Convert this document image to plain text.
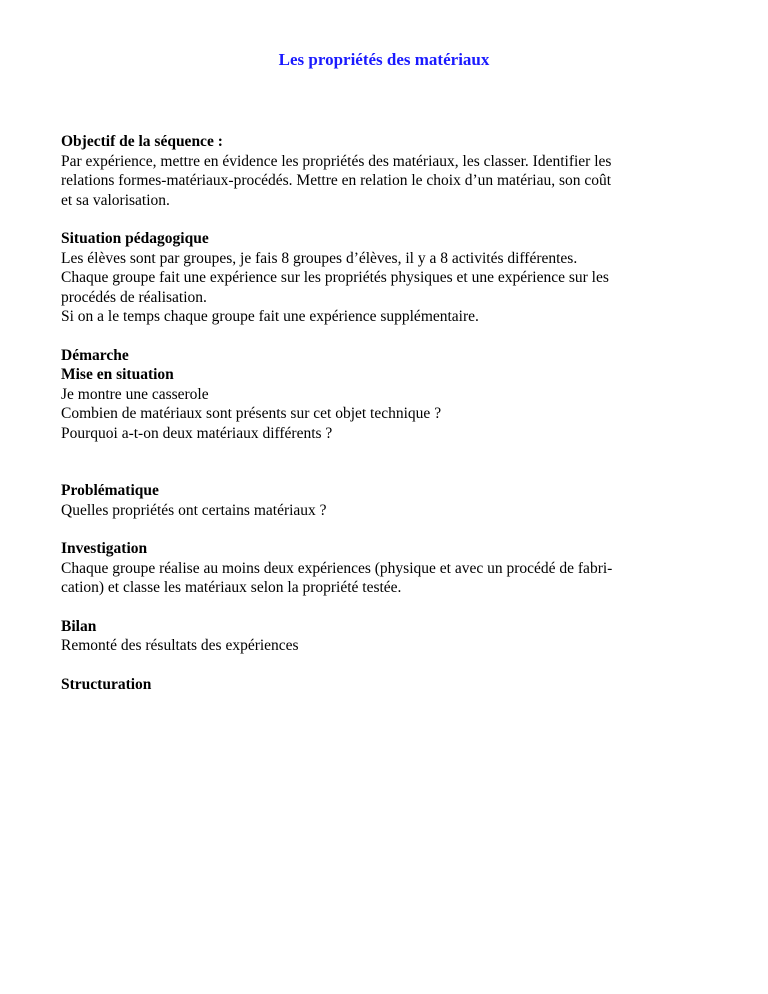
Les propriétés des matériaux

Objectif de la séquence :

Par expérience, mettre en évidence les propriétés des matériaux, les classer. Identifier les

relations formes-matériaux-procédés. Mettre en relation le choix d’un matériau, son coût

et sa valorisation.

Situation pédagogique

Les élèves sont par groupes, je fais 8 groupes d’élèves, il y a 8 activités différentes.

Chaque groupe fait une expérience sur les propriétés physiques et une expérience sur les

procédés de réalisation.

Si on a le temps chaque groupe fait une expérience supplémentaire.

Démarche

Mise en situation

Je montre une casserole

Combien de matériaux sont présents sur cet objet technique ?

Pourquoi a-t-on deux matériaux différents ?

Problématique

Quelles propriétés ont certains matériaux ?

Investigation

Chaque groupe réalise au moins deux expériences (physique et avec un procédé de fabri-

cation) et classe les matériaux selon la propriété testée.

Bilan

Remonté des résultats des expériences

Structuration
